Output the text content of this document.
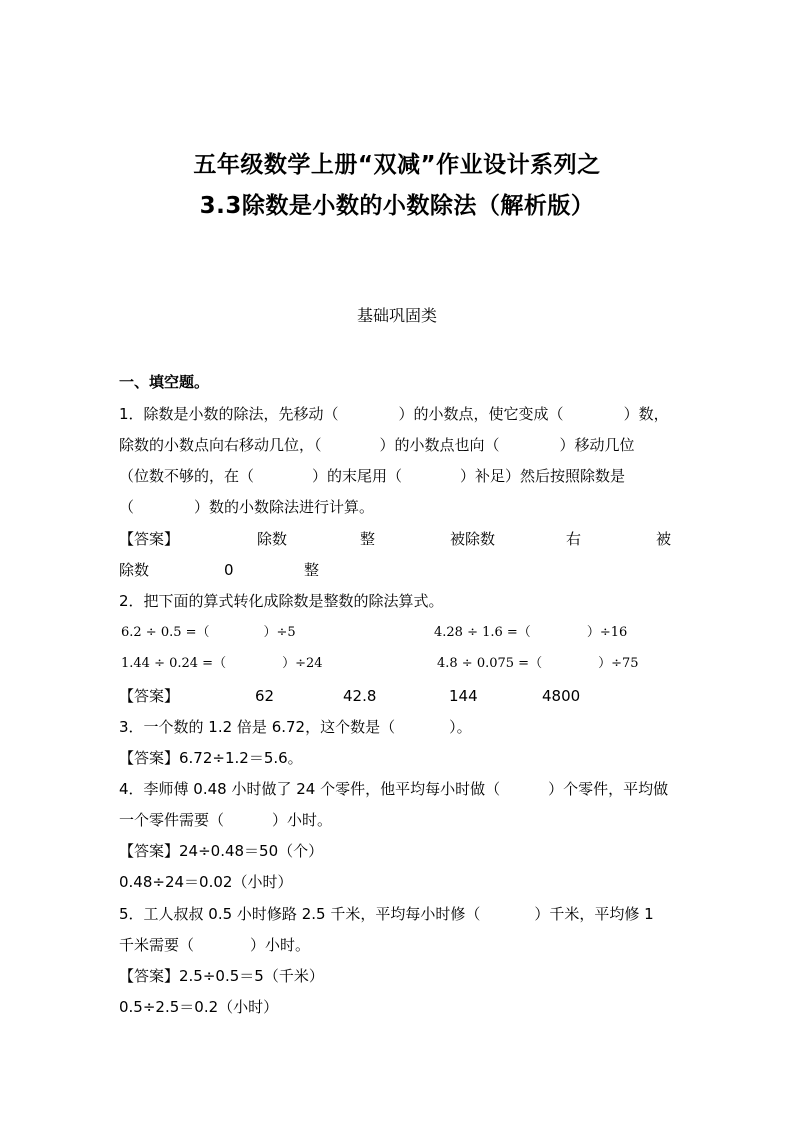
五年级数学上册“双减”作业设计系列之
3.3除数是小数的小数除法（解析版）
基础巩固类
一、填空题。
1．除数是小数的除法，先移动（	）的小数点，使它变成（	）数，
除数的小数点向右移动几位，（	）的小数点也向（	）移动几位
（位数不够的，在（	）的末尾用（	）补足）然后按照除数是
（	）数的小数除法进行计算。
【答案】	除数	整	被除数	右	被
除数	0	整
2．把下面的算式转化成除数是整数的除法算式。
6.2 ÷ 0.5 =（	）÷5	4.28 ÷ 1.6 =（	）÷16
1.44 ÷ 0.24 =（	）÷24	4.8 ÷ 0.075 =（	）÷75
【答案】	62	42.8	144	4800
3．一个数的 1.2 倍是 6.72，这个数是（	）。
【答案】6.72÷1.2＝5.6。
4．李师傅 0.48 小时做了 24 个零件，他平均每小时做（	）个零件，平均做
一个零件需要（	）小时。
【答案】24÷0.48＝50（个）
0.48÷24＝0.02（小时）
5．工人叔叔 0.5 小时修路 2.5 千米，平均每小时修（	）千米，平均修 1
千米需要（	）小时。
【答案】2.5÷0.5＝5（千米）
0.5÷2.5＝0.2（小时）
